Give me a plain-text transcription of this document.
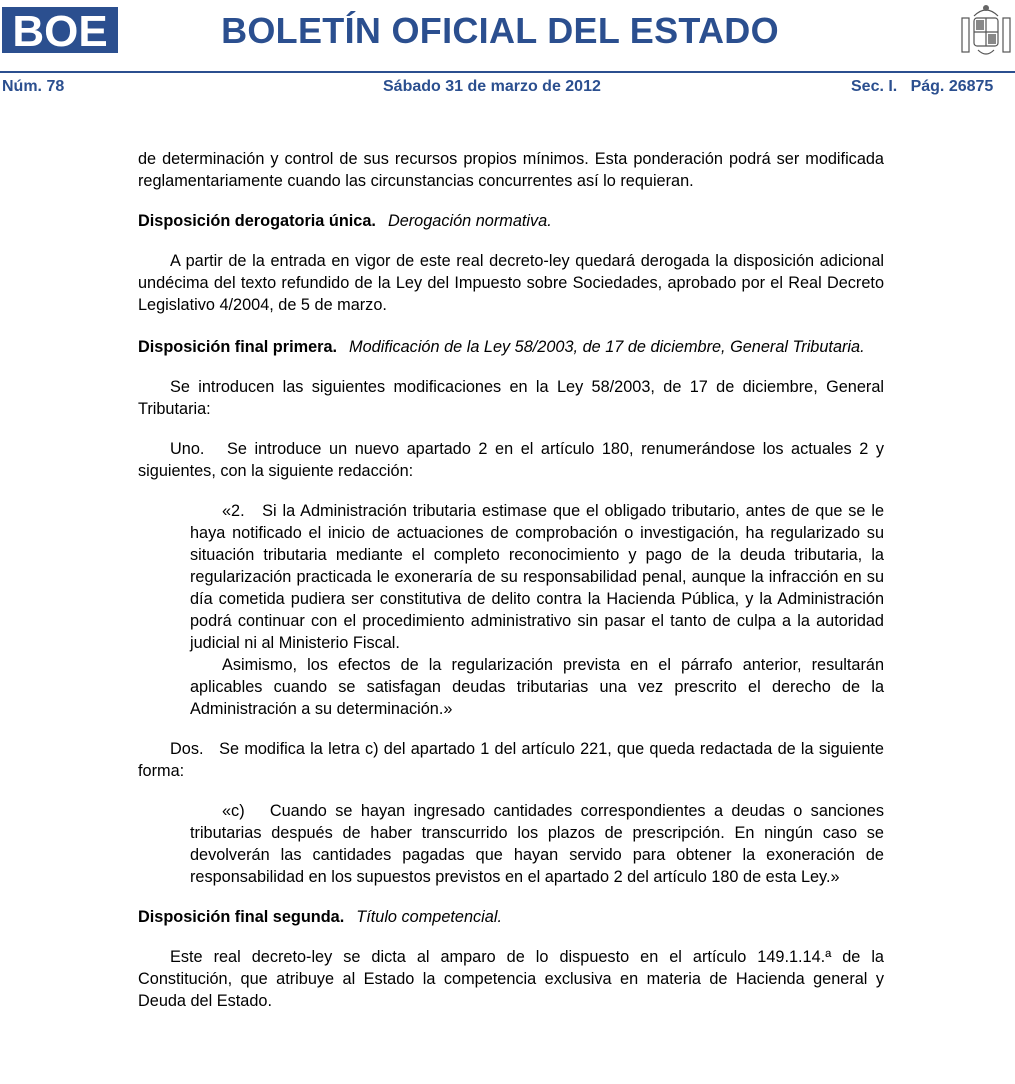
BOE	BOLETÍN OFICIAL DEL ESTADO
Núm. 78	Sábado 31 de marzo de 2012	Sec. I.   Pág. 26875

de determinación y control de sus recursos propios mínimos. Esta ponderación podrá ser modificada reglamentariamente cuando las circunstancias concurrentes así lo requieran.

Disposición derogatoria única. Derogación normativa.

A partir de la entrada en vigor de este real decreto-ley quedará derogada la disposición adicional undécima del texto refundido de la Ley del Impuesto sobre Sociedades, aprobado por el Real Decreto Legislativo 4/2004, de 5 de marzo.

Disposición final primera. Modificación de la Ley 58/2003, de 17 de diciembre, General Tributaria.

Se introducen las siguientes modificaciones en la Ley 58/2003, de 17 de diciembre, General Tributaria:

Uno.   Se introduce un nuevo apartado 2 en el artículo 180, renumerándose los actuales 2 y siguientes, con la siguiente redacción:

«2.   Si la Administración tributaria estimase que el obligado tributario, antes de que se le haya notificado el inicio de actuaciones de comprobación o investigación, ha regularizado su situación tributaria mediante el completo reconocimiento y pago de la deuda tributaria, la regularización practicada le exoneraría de su responsabilidad penal, aunque la infracción en su día cometida pudiera ser constitutiva de delito contra la Hacienda Pública, y la Administración podrá continuar con el procedimiento administrativo sin pasar el tanto de culpa a la autoridad judicial ni al Ministerio Fiscal.

Asimismo, los efectos de la regularización prevista en el párrafo anterior, resultarán aplicables cuando se satisfagan deudas tributarias una vez prescrito el derecho de la Administración a su determinación.»

Dos.   Se modifica la letra c) del apartado 1 del artículo 221, que queda redactada de la siguiente forma:

«c)   Cuando se hayan ingresado cantidades correspondientes a deudas o sanciones tributarias después de haber transcurrido los plazos de prescripción. En ningún caso se devolverán las cantidades pagadas que hayan servido para obtener la exoneración de responsabilidad en los supuestos previstos en el apartado 2 del artículo 180 de esta Ley.»

Disposición final segunda. Título competencial.

Este real decreto-ley se dicta al amparo de lo dispuesto en el artículo 149.1.14.ª de la Constitución, que atribuye al Estado la competencia exclusiva en materia de Hacienda general y Deuda del Estado.
